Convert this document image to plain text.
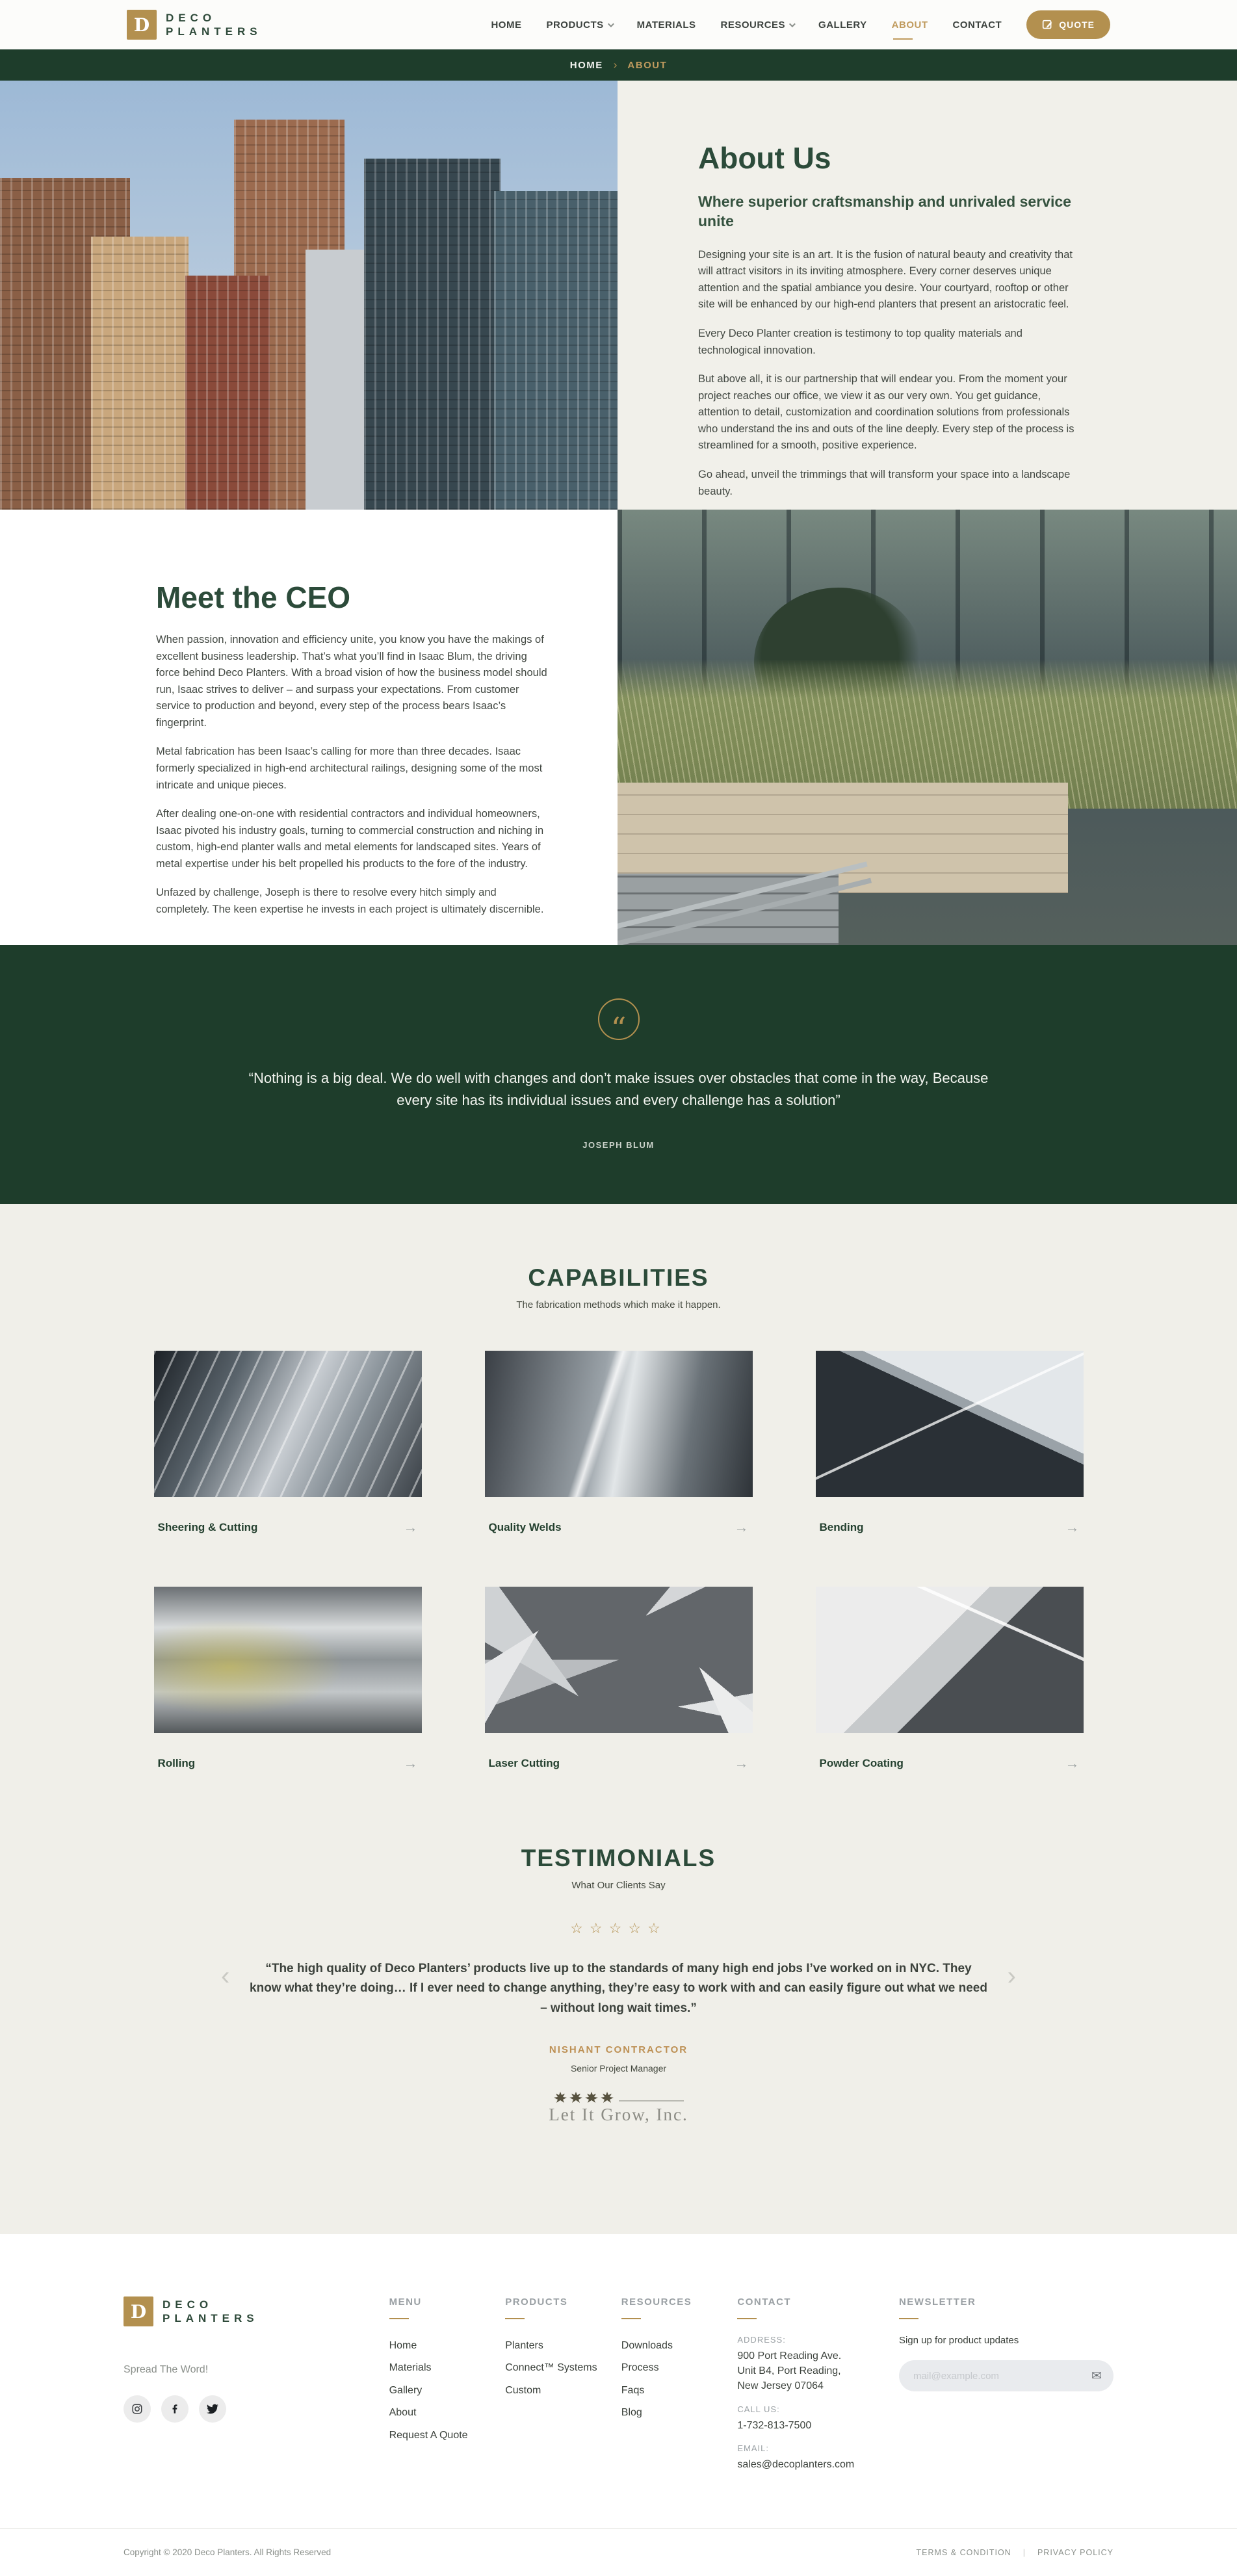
D	DECO
PLANTERS
HOME	PRODUCTS	MATERIALS	RESOURCES	GALLERY	ABOUT	CONTACT	QUOTE
HOME › ABOUT
About Us
Where superior craftsmanship and unrivaled service unite

Designing your site is an art. It is the fusion of natural beauty and creativity that will attract visitors in its inviting atmosphere. Every corner deserves unique attention and the spatial ambiance you desire. Your courtyard, rooftop or other site will be enhanced by our high-end planters that present an aristocratic feel.

Every Deco Planter creation is testimony to top quality materials and technological innovation.

But above all, it is our partnership that will endear you. From the moment your project reaches our office, we view it as our very own. You get guidance, attention to detail, customization and coordination solutions from professionals who understand the ins and outs of the line deeply. Every step of the process is streamlined for a smooth, positive experience.

Go ahead, unveil the trimmings that will transform your space into a landscape beauty.

Meet the CEO

When passion, innovation and efficiency unite, you know you have the makings of excellent business leadership. That’s what you’ll find in Isaac Blum, the driving force behind Deco Planters. With a broad vision of how the business model should run, Isaac strives to deliver – and surpass your expectations. From customer service to production and beyond, every step of the process bears Isaac’s fingerprint.

Metal fabrication has been Isaac’s calling for more than three decades. Isaac formerly specialized in high-end architectural railings, designing some of the most intricate and unique pieces.

After dealing one-on-one with residential contractors and individual homeowners, Isaac pivoted his industry goals, turning to commercial construction and niching in custom, high-end planter walls and metal elements for landscaped sites. Years of metal expertise under his belt propelled his products to the fore of the industry.

Unfazed by challenge, Joseph is there to resolve every hitch simply and completely. The keen expertise he invests in each project is ultimately discernible.

“
“Nothing is a big deal. We do well with changes and don’t make issues over obstacles that come in the way, Because every site has its individual issues and every challenge has a solution”
JOSEPH BLUM
CAPABILITIES
The fabrication methods which make it happen.
Sheering & Cutting	→	Quality Welds	→	Bending	→
Rolling	→	Laser Cutting	→	Powder Coating	→
TESTIMONIALS
What Our Clients Say
☆☆☆☆☆
“The high quality of Deco Planters’ products live up to the standards of many high end jobs I’ve worked on in NYC. They know what they’re doing… If I ever need to change anything, they’re easy to work with and can easily figure out what we need – without long wait times.”
NISHANT CONTRACTOR
Senior Project Manager
Let It Grow, Inc.
‹	›
D	DECO
PLANTERS
Spread The Word!
MENU
Home
Materials
Gallery
About
Request A Quote
PRODUCTS
Planters
Connect™ Systems
Custom
RESOURCES
Downloads
Process
Faqs
Blog
CONTACT
ADDRESS:
900 Port Reading Ave.
Unit B4, Port Reading,
New Jersey 07064
CALL US:
1-732-813-7500
EMAIL:
sales@decoplanters.com
NEWSLETTER
Sign up for product updates
mail@example.com
✉
Copyright © 2020 Deco Planters. All Rights Reserved	TERMS & CONDITION | PRIVACY POLICY
